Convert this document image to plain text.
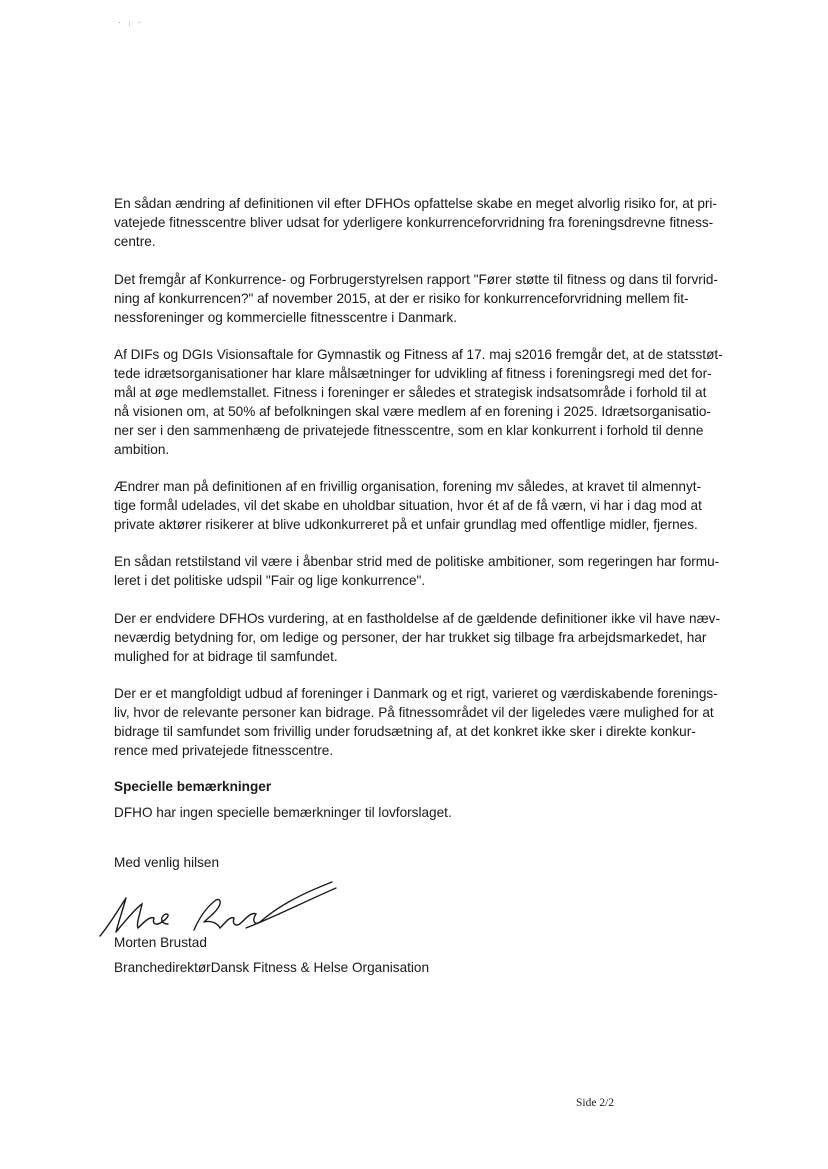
·ᵢ·
En sådan ændring af definitionen vil efter DFHOs opfattelse skabe en meget alvorlig risiko for, at pri-
vatejede fitnesscentre bliver udsat for yderligere konkurrenceforvridning fra foreningsdrevne fitness-
centre.
Det fremgår af Konkurrence- og Forbrugerstyrelsen rapport "Fører støtte til fitness og dans til forvrid-
ning af konkurrencen?" af november 2015, at der er risiko for konkurrenceforvridning mellem fit-
nessforeninger og kommercielle fitnesscentre i Danmark.
Af DIFs og DGIs Visionsaftale for Gymnastik og Fitness af 17. maj s2016 fremgår det, at de statsstøt-
tede idrætsorganisationer har klare målsætninger for udvikling af fitness i foreningsregi med det for-
mål at øge medlemstallet. Fitness i foreninger er således et strategisk indsatsområde i forhold til at
nå visionen om, at 50% af befolkningen skal være medlem af en forening i 2025. Idrætsorganisatio-
ner ser i den sammenhæng de privatejede fitnesscentre, som en klar konkurrent i forhold til denne
ambition.
Ændrer man på definitionen af en frivillig organisation, forening mv således, at kravet til almennyt-
tige formål udelades, vil det skabe en uholdbar situation, hvor ét af de få værn, vi har i dag mod at
private aktører risikerer at blive udkonkurreret på et unfair grundlag med offentlige midler, fjernes.
En sådan retstilstand vil være i åbenbar strid med de politiske ambitioner, som regeringen har formu-
leret i det politiske udspil "Fair og lige konkurrence".
Der er endvidere DFHOs vurdering, at en fastholdelse af de gældende definitioner ikke vil have næv-
neværdig betydning for, om ledige og personer, der har trukket sig tilbage fra arbejdsmarkedet, har
mulighed for at bidrage til samfundet.
Der er et mangfoldigt udbud af foreninger i Danmark og et rigt, varieret og værdiskabende forenings-
liv, hvor de relevante personer kan bidrage. På fitnessområdet vil der ligeledes være mulighed for at
bidrage til samfundet som frivillig under forudsætning af, at det konkret ikke sker i direkte konkur-
rence med privatejede fitnesscentre.
Specielle bemærkninger
DFHO har ingen specielle bemærkninger til lovforslaget.
Med venlig hilsen
Morten Brustad
BranchedirektørDansk Fitness & Helse Organisation
Side 2/2
